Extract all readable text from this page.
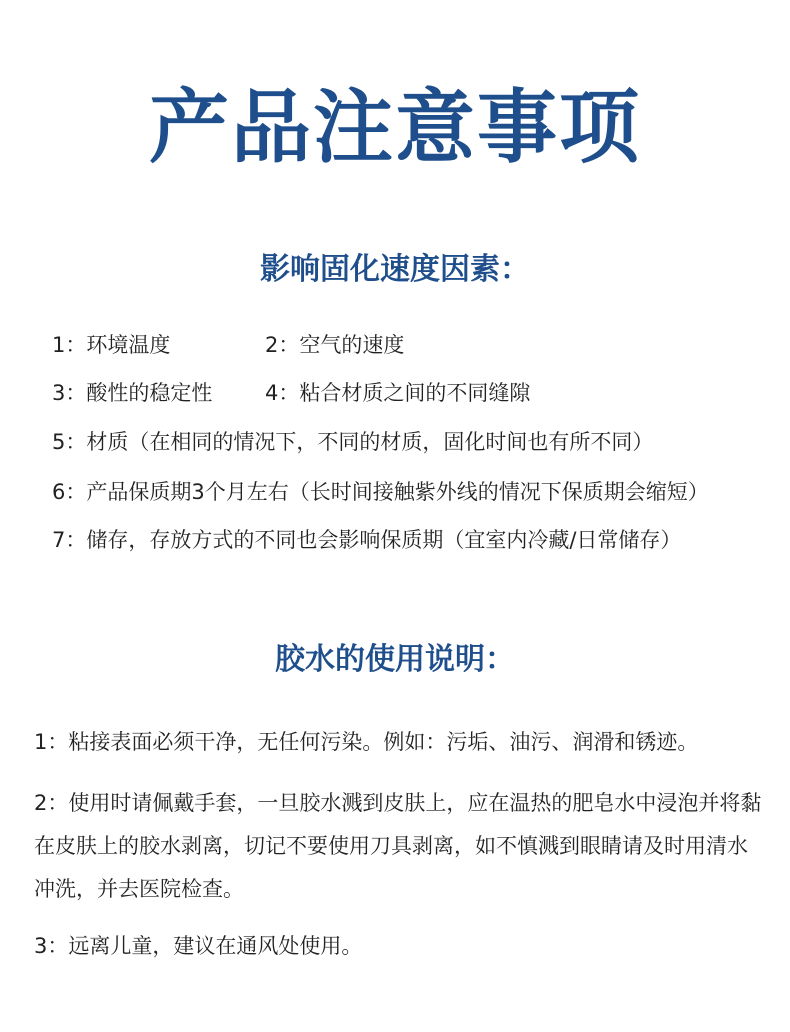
产品注意事项
影响固化速度因素：
1：环境温度	2：空气的速度
3：酸性的稳定性	4：粘合材质之间的不同缝隙
5：材质（在相同的情况下，不同的材质，固化时间也有所不同）
6：产品保质期3个月左右（长时间接触紫外线的情况下保质期会缩短）
7：储存，存放方式的不同也会影响保质期（宜室内冷藏/日常储存）
胶水的使用说明：
1：粘接表面必须干净，无任何污染。例如：污垢、油污、润滑和锈迹。
2：使用时请佩戴手套，一旦胶水溅到皮肤上，应在温热的肥皂水中浸泡并将黏在皮肤上的胶水剥离，切记不要使用刀具剥离，如不慎溅到眼睛请及时用清水冲洗，并去医院检查。
3：远离儿童，建议在通风处使用。
